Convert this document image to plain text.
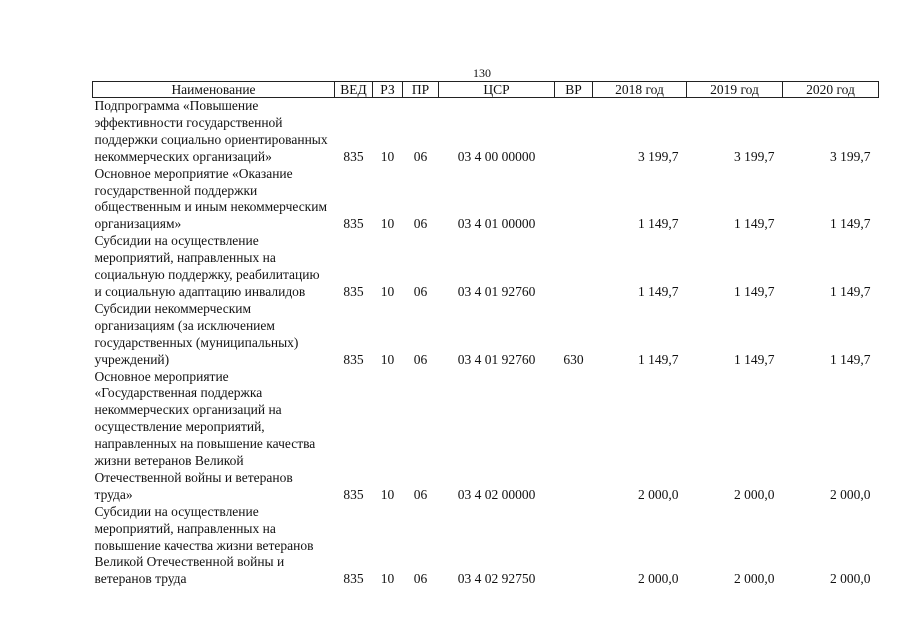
130
Наименование	ВЕД	РЗ	ПР	ЦСР	ВР	2018 год	2019 год	2020 год
Подпрограмма «Повышение эффективности государственной поддержки социально ориентированных некоммерческих организаций»	835	10	06	03 4 00 00000		3 199,7	3 199,7	3 199,7
Основное мероприятие «Оказание государственной поддержки общественным и иным некоммерческим организациям»	835	10	06	03 4 01 00000		1 149,7	1 149,7	1 149,7
Субсидии на осуществление мероприятий, направленных на социальную поддержку, реабилитацию и социальную адаптацию инвалидов	835	10	06	03 4 01 92760		1 149,7	1 149,7	1 149,7
Субсидии некоммерческим организациям (за исключением государственных (муниципальных) учреждений)	835	10	06	03 4 01 92760	630	1 149,7	1 149,7	1 149,7
Основное мероприятие «Государственная поддержка некоммерческих организаций на осуществление мероприятий, направленных на повышение качества жизни ветеранов Великой Отечественной войны и ветеранов труда»	835	10	06	03 4 02 00000		2 000,0	2 000,0	2 000,0
Субсидии на осуществление мероприятий, направленных на повышение качества жизни ветеранов Великой Отечественной войны и ветеранов труда	835	10	06	03 4 02 92750		2 000,0	2 000,0	2 000,0
